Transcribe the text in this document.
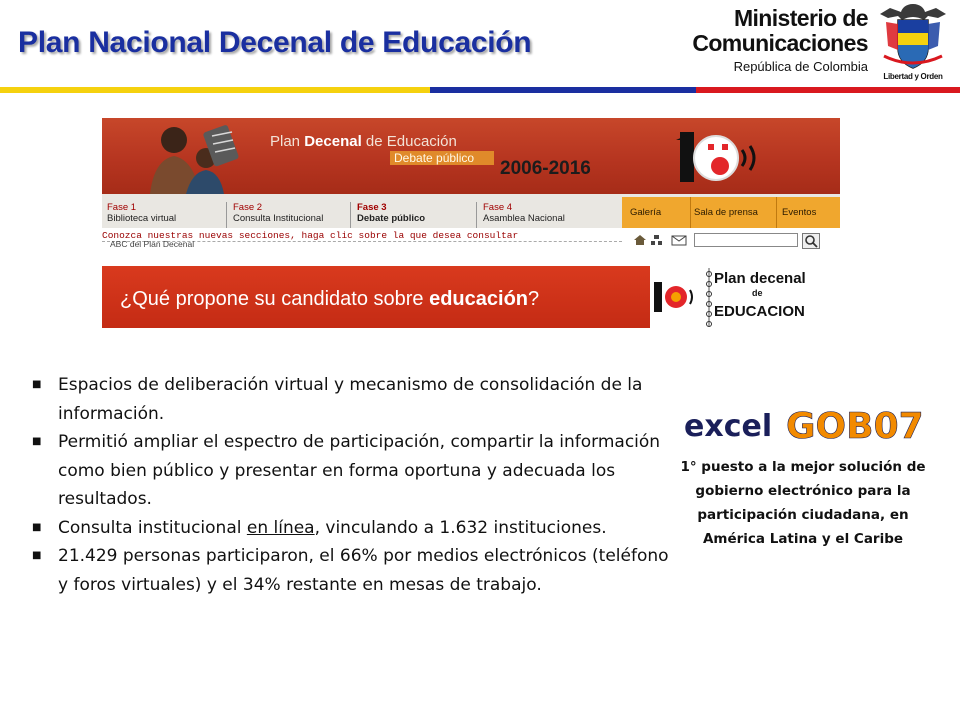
Plan Nacional Decenal de Educación
Ministerio de
Comunicaciones
República de Colombia
Libertad y Orden
Plan Decenal de Educación
Debate público	2006-2016
Fase 1
Biblioteca virtual
Fase 2
Consulta Institucional
Fase 3
Debate público
Fase 4
Asamblea Nacional
Galería	Sala de prensa	Eventos
Conozca nuestras nuevas secciones, haga clic sobre la que desea consultar
ABC del Plan Decenal
¿Qué propone su candidato sobre educación?
Plan decenal
de
EDUCACION
■ Espacios de deliberación virtual y mecanismo de consolidación de la información.
■ Permitió ampliar el espectro de participación, compartir la información como bien público y presentar en forma oportuna y adecuada los resultados.
■ Consulta institucional en línea, vinculando a 1.632 instituciones.
■ 21.429 personas participaron, el 66% por medios electrónicos (teléfono y foros virtuales) y el 34% restante en mesas de trabajo.
excel GOB07
1° puesto a la mejor solución de gobierno electrónico para la participación ciudadana, en América Latina y el Caribe
